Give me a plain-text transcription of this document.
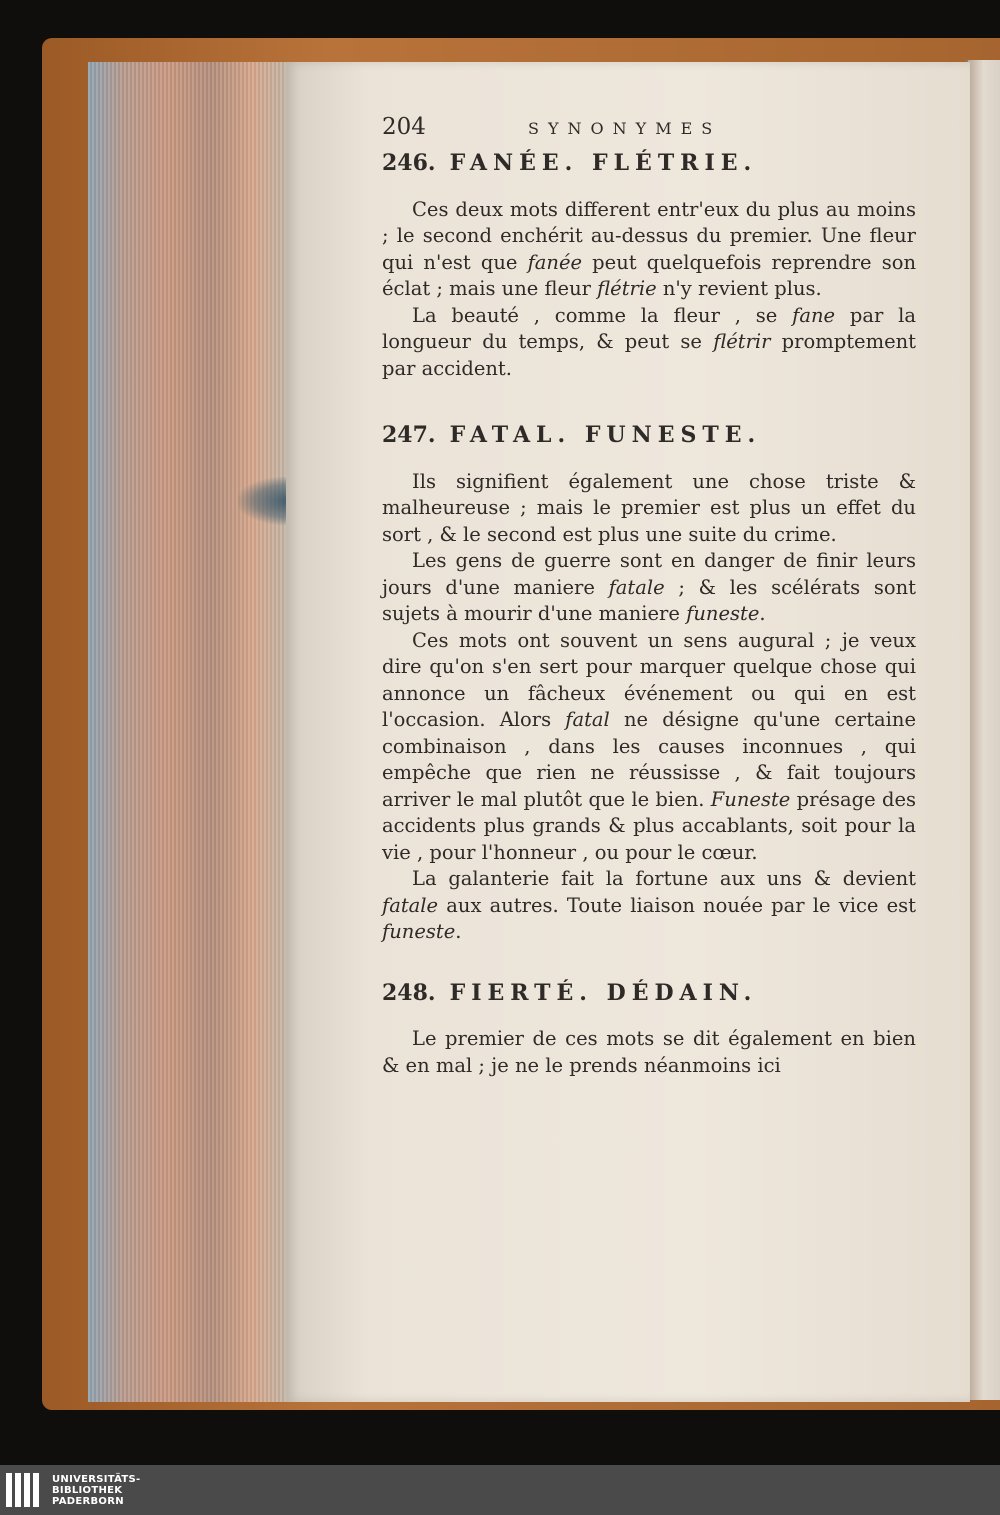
204	SYNONYMES
246. FANÉE. FLÉTRIE.

Ces deux mots different entr'eux du plus au moins ; le second enchérit au-dessus du premier. Une fleur qui n'est que fanée peut quelquefois reprendre son éclat ; mais une fleur flétrie n'y revient plus.

La beauté , comme la fleur , se fane par la longueur du temps, & peut se flétrir promptement par accident.

247. FATAL. FUNESTE.

Ils signifient également une chose triste & malheureuse ; mais le premier est plus un effet du sort , & le second est plus une suite du crime.

Les gens de guerre sont en danger de finir leurs jours d'une maniere fatale ; & les scélérats sont sujets à mourir d'une maniere funeste.

Ces mots ont souvent un sens augural ; je veux dire qu'on s'en sert pour marquer quelque chose qui annonce un fâcheux événement ou qui en est l'occasion. Alors fatal ne désigne qu'une certaine combinaison , dans les causes inconnues , qui empêche que rien ne réussisse , & fait toujours arriver le mal plutôt que le bien. Funeste présage des accidents plus grands & plus accablants, soit pour la vie , pour l'honneur , ou pour le cœur.

La galanterie fait la fortune aux uns & devient fatale aux autres. Toute liaison nouée par le vice est funeste.

248. FIERTÉ. DÉDAIN.

Le premier de ces mots se dit également en bien & en mal ; je ne le prends néanmoins ici

UNIVERSITÄTS-
BIBLIOTHEK
PADERBORN
